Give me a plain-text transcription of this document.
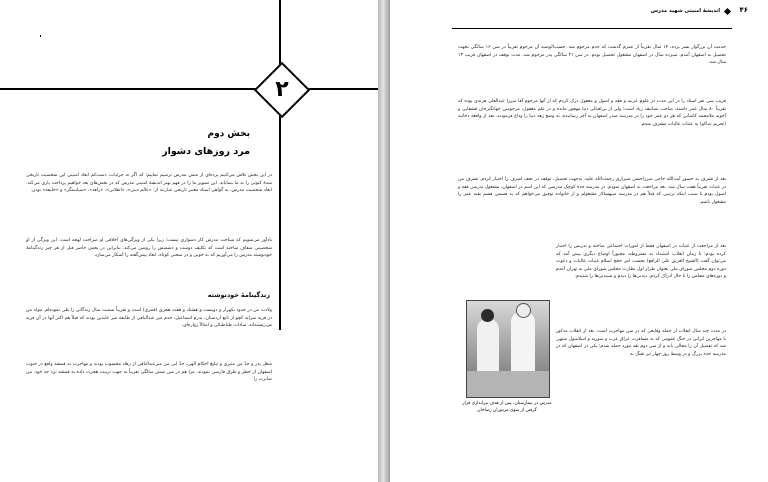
۲
بخش دوم
مرد روزهای دشوار

در این بخش تلاش می‌کنیم پرده‌ای از منش مدرس ترسیم نماییم؛ که اگر نه جزئیات، دست‌کم ابعاد امنیتی این شخصیت تاریخی سدۀ کنونی را به ما بنمایاند. این تصویر ما را در فهم بهتر اندیشۀ امنیتی مدرس که در بخش‌های بعد خواهیم پرداخت یاری می‌کند. ابعاد شخصیت مدرس، به گواهی اسناد معتبر تاریخی عبارتند از: «عالم دینی»، «انقلابی»، «زاهد»، «سیاستگر» و «خلیفه» بودن.

یادآور می‌شویم که شناخت مدرس کار دشواری نیست؛ زیرا یکی از ویژگی‌های اخلاقی او صراحت لهجه است. این ویژگی از او شخصیتی شفاف ساخته است که تکلیف دوست و دشمنش را روشن می‌کند. بنابراین در بخش حاضر قبل از هر چیز زندگینامۀ خودنوشته مدرس را می‌آوریم که به خوبی و در سخنی کوتاه، ابعاد پیش‌گفته را آشکار می‌سازد.

زندگینامۀ خودنوشته

ولادت من در حدود یکهزار و دویست و هشتاد و هفت هجری (قمری) است و تقریباً شصت سال زندگانی را طی نموده‌ام. مولد من در قریه سرابه کچو از تابع اردستان، پدرم اسماعیل، جدم میر عبدالباقی از طایفه میر عابدین بودند که قبلاً هم اکثر آنها در آن قریه می‌زیسته‌اند. سادات طباطبائی و امثالاً زواره‌ای.

شغل پدر و جدّ من منبری و تبلیغ احکام الهی، جدّ ابی من میرعبدالباقی از زهاد محسوب بودند و مهاجرت به قمشه واقع در جنوب اصفهان از خطر و طرق فارسی نمودند. مرا هم در سن شش سالگی تقریباً به جهت تربیت هجرت داده به قمشه نزد جد خود. من صابرت را

۴۶
اندیشۀ امنیتی شهید مدرس

خدمت آن بزرگوار بسر برده، ۱۴ سال تقریباً از عمرم گذشت که جدم مرحوم شد. حسب‌الوصیه آن مرحوم تقریباً در سن ۱۶ سالگی بجهت تحصیل به اصفهان آمدم. سیزده سال در اصفهان مشغول تحصیل بودم. در سن ۲۱ سالگی پدر مرحوم شد. مدت توقف در اصفهان قریب ۱۳ سال شد.

قریب سی نفر استاد را در این مدت در علوم عربیه و فقه و اصول و معقول درک کردم که از آنها مرحوم آقا میرزا عبدالعلی هرندی بوده که تقریباً ۸۰ سال عمر داشته، صاحب تصانیف زیاد است؛ ولی از بی‌اقبالی دنیا مهجور مانده و در علم معقول، مرحومین جهانگیرخان قشقایی و آخوند ملامحمد کاشانی که هر دو عمر خود را در مدرسه صدر اصفهان به آخر رسانیده، به وضع زهد دنیا را وداع فرمودند. بعد از واقعه دخانیه (تحریم تنباکو) به عتبات عالیات مشرف شدم.

بعد از تشرف به حضور آیت‌الله حاجی میرزاحسن شیرازی رحمت‌الله علیه، به‌جهت تحصیل، توقف در نجف اشرف را اختیار کردم. تشرف من در عتبات تقریباً هفت سال شد. بعد مراجعت به اصفهان نمودم. در مدرسه جده کوچک مدرسی که این اسم در اصفهان، مشغول تدریس فقه و اصول بودم تا سبب اینکه ترتیبی که قبلاً هم در مدرسه سپهسالار مشغولم و از خانواده توفیق می‌خواهم که به قسمی قسم بقیه عمر را مشغول باشم.

بعد از مراجعت از عتبات در اصفهان فقط از امورات اجتماعی مباحثه و تدریس را اختیار کرده بودم؛ تا زمان انقلاب استبداد به مشروطه، مجبوراً اوضاع دیگری پیش آمد که می‌توان گفت (الشیخ الغریق علی الرافع) بحسب امر حجج اسلام عتبات عالیات و دعوت دوره دوم مجلس شورای ملی بعنوان طراز اول نظارت مجلس شورای ملی به تهران آمدم و دوره‌های مجلس را تا حال ادراک کردم. دیدنی‌ها را دیدم و شنیدنی‌ها را شنیدم.

در مدت چند سال انقلاب از جمله وقایعی که در سن مهاجرت است. بعد از انقلاب مذکور با مهاجرین ایرانی در جنگ عمومی که به مسافرت عراق عرب و سوریه و اسلامبول منتهی شد که تفصیل آن را مجالی باید و از سن دوم تقه مورد حمله شدم؛ یکی در اصفهان که در مدرسه جده بزرگ و در وسط روز چهار تیر تفنگ به

مدرس در بیمارستان، پس از هدف تیراندازی قرار گرفتن از سوی مزدوران رضاخان
